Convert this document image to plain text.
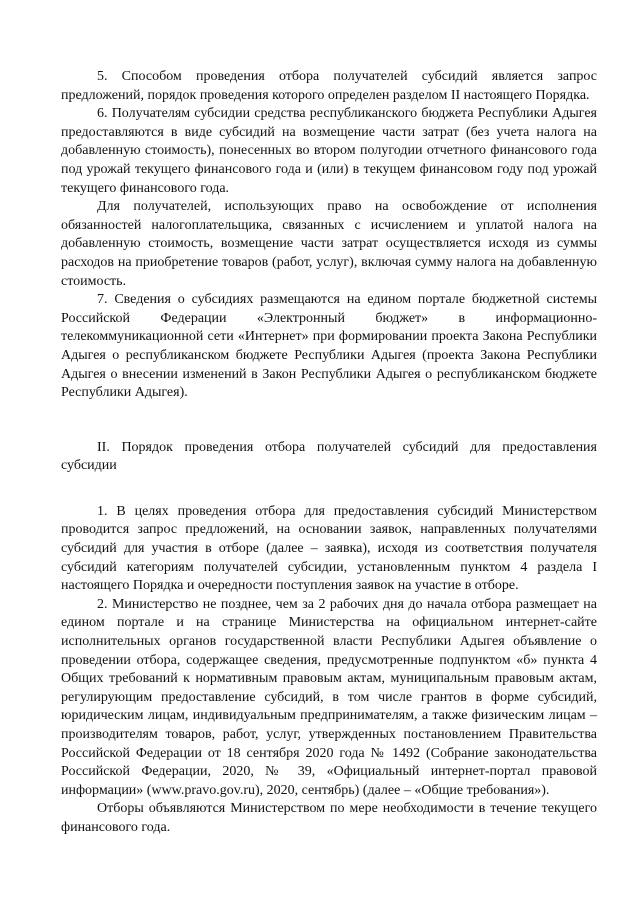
5. Способом проведения отбора получателей субсидий является запрос предложений, порядок проведения которого определен разделом II настоящего Порядка.

6. Получателям субсидии средства республиканского бюджета Республики Адыгея предоставляются в виде субсидий на возмещение части затрат (без учета налога на добавленную стоимость), понесенных во втором полугодии отчетного финансового года под урожай текущего финансового года и (или) в текущем финансовом году под урожай текущего финансового года.

Для получателей, использующих право на освобождение от исполнения обязанностей налогоплательщика, связанных с исчислением и уплатой налога на добавленную стоимость, возмещение части затрат осуществляется исходя из суммы расходов на приобретение товаров (работ, услуг), включая сумму налога на добавленную стоимость.

7. Сведения о субсидиях размещаются на едином портале бюджетной системы Российской Федерации «Электронный бюджет» в информационно-телекоммуникационной сети «Интернет» при формировании проекта Закона Республики Адыгея о республиканском бюджете Республики Адыгея (проекта Закона Республики Адыгея о внесении изменений в Закон Республики Адыгея о республиканском бюджете Республики Адыгея).

II. Порядок проведения отбора получателей субсидий для предоставления субсидии

1. В целях проведения отбора для предоставления субсидий Министерством проводится запрос предложений, на основании заявок, направленных получателями субсидий для участия в отборе (далее – заявка), исходя из соответствия получателя субсидий категориям получателей субсидии, установленным пунктом 4 раздела I настоящего Порядка и очередности поступления заявок на участие в отборе.

2. Министерство не позднее, чем за 2 рабочих дня до начала отбора размещает на едином портале и на странице Министерства на официальном интернет-сайте исполнительных органов государственной власти Республики Адыгея объявление о проведении отбора, содержащее сведения, предусмотренные подпунктом «б» пункта 4 Общих требований к нормативным правовым актам, муниципальным правовым актам, регулирующим предоставление субсидий, в том числе грантов в форме субсидий, юридическим лицам, индивидуальным предпринимателям, а также физическим лицам – производителям товаров, работ, услуг, утвержденных постановлением Правительства Российской Федерации от 18 сентября 2020 года № 1492 (Собрание законодательства Российской Федерации, 2020, № 39, «Официальный интернет-портал правовой информации» (www.pravo.gov.ru), 2020, сентябрь) (далее – «Общие требования»).

Отборы объявляются Министерством по мере необходимости в течение текущего финансового года.
